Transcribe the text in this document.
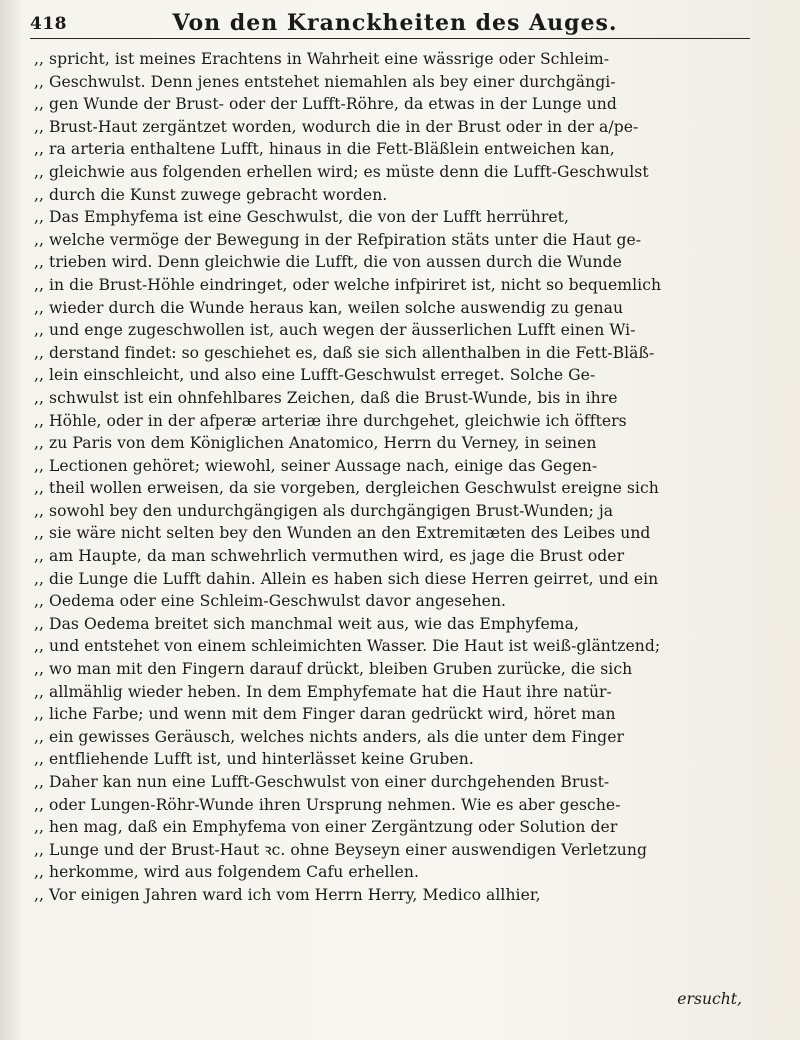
418	Von den Kranckheiten des Auges.
,, spricht, ist meines Erachtens in Wahrheit eine wässrige oder Schleim-
,, Geschwulst. Denn jenes entstehet niemahlen als bey einer durchgängi-
,, gen Wunde der Brust- oder der Lufft-Röhre, da etwas in der Lunge und
,, Brust-Haut zergäntzet worden, wodurch die in der Brust oder in der a/pe-
,, ra arteria enthaltene Lufft, hinaus in die Fett-Bläßlein entweichen kan,
,, gleichwie aus folgenden erhellen wird; es müste denn die Lufft-Geschwulst
,, durch die Kunst zuwege gebracht worden.
,, Das Emphyfema ist eine Geschwulst, die von der Lufft herrühret,
,, welche vermöge der Bewegung in der Refpiration stäts unter die Haut ge-
,, trieben wird. Denn gleichwie die Lufft, die von aussen durch die Wunde
,, in die Brust-Höhle eindringet, oder welche infpiriret ist, nicht so bequemlich
,, wieder durch die Wunde heraus kan, weilen solche auswendig zu genau
,, und enge zugeschwollen ist, auch wegen der äusserlichen Lufft einen Wi-
,, derstand findet: so geschiehet es, daß sie sich allenthalben in die Fett-Bläß-
,, lein einschleicht, und also eine Lufft-Geschwulst erreget. Solche Ge-
,, schwulst ist ein ohnfehlbares Zeichen, daß die Brust-Wunde, bis in ihre
,, Höhle, oder in der afperæ arteriæ ihre durchgehet, gleichwie ich öffters
,, zu Paris von dem Königlichen Anatomico, Herrn du Verney, in seinen
,, Lectionen gehöret; wiewohl, seiner Aussage nach, einige das Gegen-
,, theil wollen erweisen, da sie vorgeben, dergleichen Geschwulst ereigne sich
,, sowohl bey den undurchgängigen als durchgängigen Brust-Wunden; ja
,, sie wäre nicht selten bey den Wunden an den Extremitæten des Leibes und
,, am Haupte, da man schwehrlich vermuthen wird, es jage die Brust oder
,, die Lunge die Lufft dahin. Allein es haben sich diese Herren geirret, und ein
,, Oedema oder eine Schleim-Geschwulst davor angesehen.
,, Das Oedema breitet sich manchmal weit aus, wie das Emphyfema,
,, und entstehet von einem schleimichten Wasser. Die Haut ist weiß-gläntzend;
,, wo man mit den Fingern darauf drückt, bleiben Gruben zurücke, die sich
,, allmählig wieder heben. In dem Emphyfemate hat die Haut ihre natür-
,, liche Farbe; und wenn mit dem Finger daran gedrückt wird, höret man
,, ein gewisses Geräusch, welches nichts anders, als die unter dem Finger
,, entfliehende Lufft ist, und hinterlässet keine Gruben.
,, Daher kan nun eine Lufft-Geschwulst von einer durchgehenden Brust-
,, oder Lungen-Röhr-Wunde ihren Ursprung nehmen. Wie es aber gesche-
,, hen mag, daß ein Emphyfema von einer Zergäntzung oder Solution der
,, Lunge und der Brust-Haut ꝛc. ohne Beyseyn einer auswendigen Verletzung
,, herkomme, wird aus folgendem Cafu erhellen.
,, Vor einigen Jahren ward ich vom Herrn Herry, Medico allhier,
ersucht,
